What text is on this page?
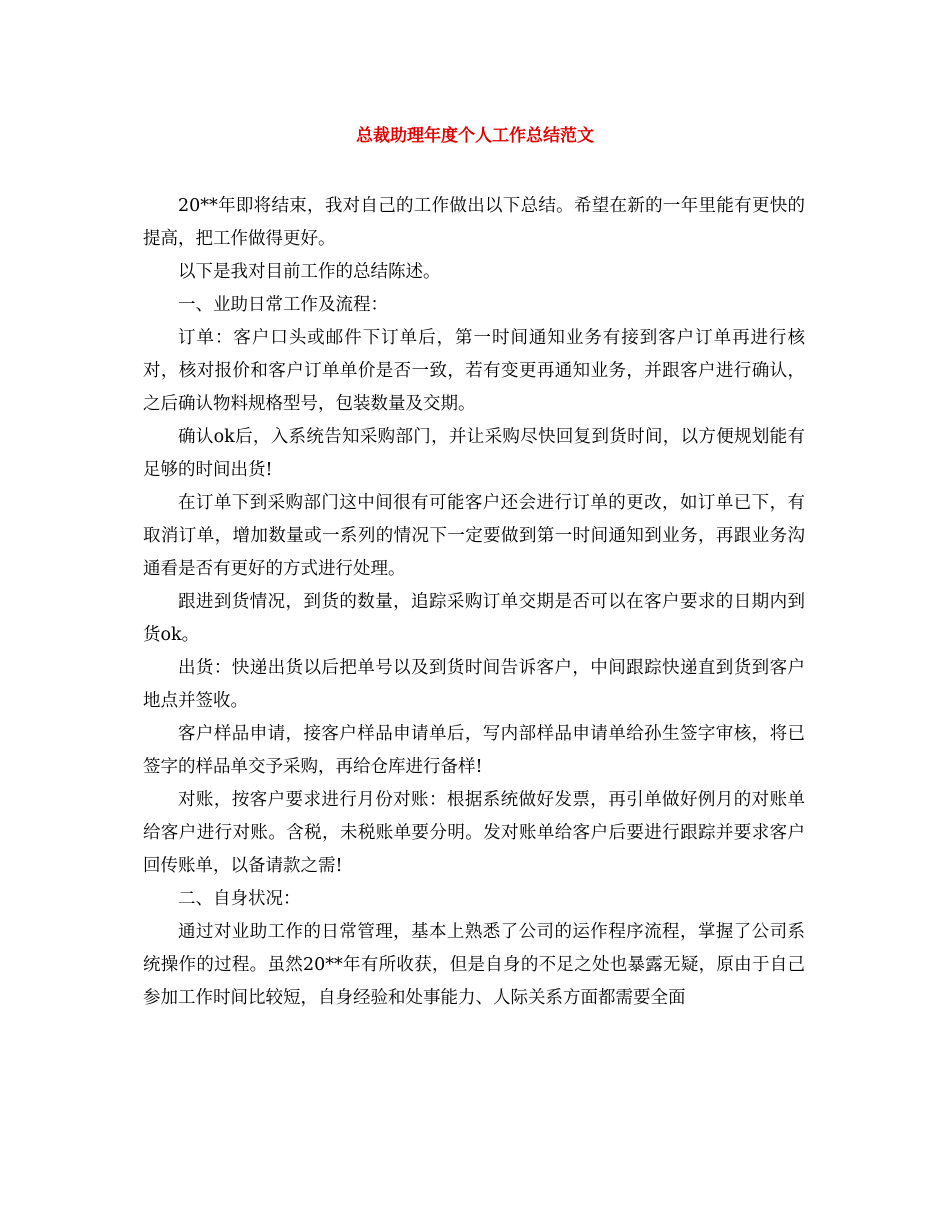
总裁助理年度个人工作总结范文

20**年即将结束，我对自己的工作做出以下总结。希望在新的一年里能有更快的提高，把工作做得更好。

以下是我对目前工作的总结陈述。

一、业助日常工作及流程：

订单：客户口头或邮件下订单后，第一时间通知业务有接到客户订单再进行核对，核对报价和客户订单单价是否一致，若有变更再通知业务，并跟客户进行确认，之后确认物料规格型号，包装数量及交期。

确认ok后，入系统告知采购部门，并让采购尽快回复到货时间，以方便规划能有足够的时间出货!

在订单下到采购部门这中间很有可能客户还会进行订单的更改，如订单已下，有取消订单，增加数量或一系列的情况下一定要做到第一时间通知到业务，再跟业务沟通看是否有更好的方式进行处理。

跟进到货情况，到货的数量，追踪采购订单交期是否可以在客户要求的日期内到货ok。

出货：快递出货以后把单号以及到货时间告诉客户，中间跟踪快递直到货到客户地点并签收。

客户样品申请，接客户样品申请单后，写内部样品申请单给孙生签字审核，将已签字的样品单交予采购，再给仓库进行备样!

对账，按客户要求进行月份对账：根据系统做好发票，再引单做好例月的对账单给客户进行对账。含税，未税账单要分明。发对账单给客户后要进行跟踪并要求客户回传账单，以备请款之需!

二、自身状况：

通过对业助工作的日常管理，基本上熟悉了公司的运作程序流程，掌握了公司系统操作的过程。虽然20**年有所收获，但是自身的不足之处也暴露无疑，原由于自己参加工作时间比较短，自身经验和处事能力、人际关系方面都需要全面
